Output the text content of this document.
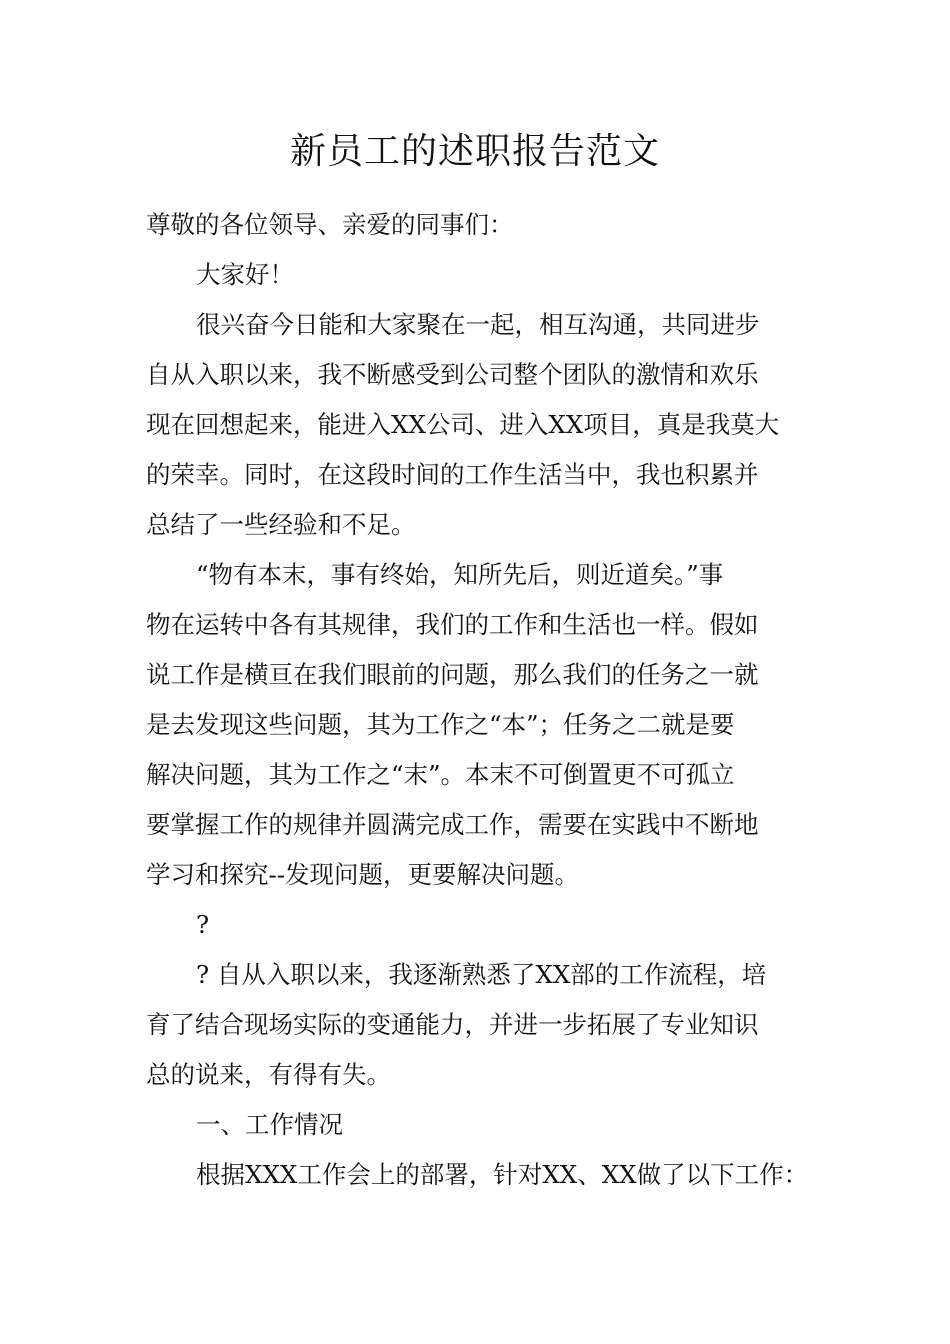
新员工的述职报告范文
尊敬的各位领导、亲爱的同事们：
大家好！
很兴奋今日能和大家聚在一起，相互沟通，共同进步
自从入职以来，我不断感受到公司整个团队的激情和欢乐
现在回想起来，能进入XX公司、进入XX项目，真是我莫大
的荣幸。同时，在这段时间的工作生活当中，我也积累并
总结了一些经验和不足。
“物有本末，事有终始，知所先后，则近道矣。”事
物在运转中各有其规律，我们的工作和生活也一样。假如
说工作是横亘在我们眼前的问题，那么我们的任务之一就
是去发现这些问题，其为工作之“本”；任务之二就是要
解决问题，其为工作之“末”。本末不可倒置更不可孤立
要掌握工作的规律并圆满完成工作，需要在实践中不断地
学习和探究--发现问题，更要解决问题。
?
? 自从入职以来，我逐渐熟悉了XX部的工作流程，培
育了结合现场实际的变通能力，并进一步拓展了专业知识
总的说来，有得有失。
一、工作情况
根据XXX工作会上的部署，针对XX、XX做了以下工作：
